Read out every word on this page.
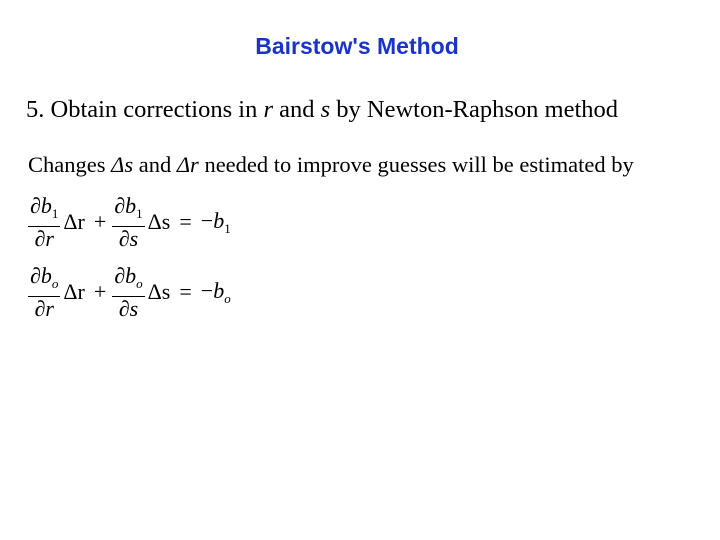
Bairstow's Method
5. Obtain corrections in r and s by Newton-Raphson method
Changes Δs and Δr needed to improve guesses will be estimated by
$\frac{\partial b_1}{\partial r}$ $\Delta r + \frac{\partial b_1}{\partial s}$ $\Delta s = -b_1$
$\frac{\partial b_o}{\partial r}$ $\Delta r + \frac{\partial b_o}{\partial s}$ $\Delta s = -b_o$
